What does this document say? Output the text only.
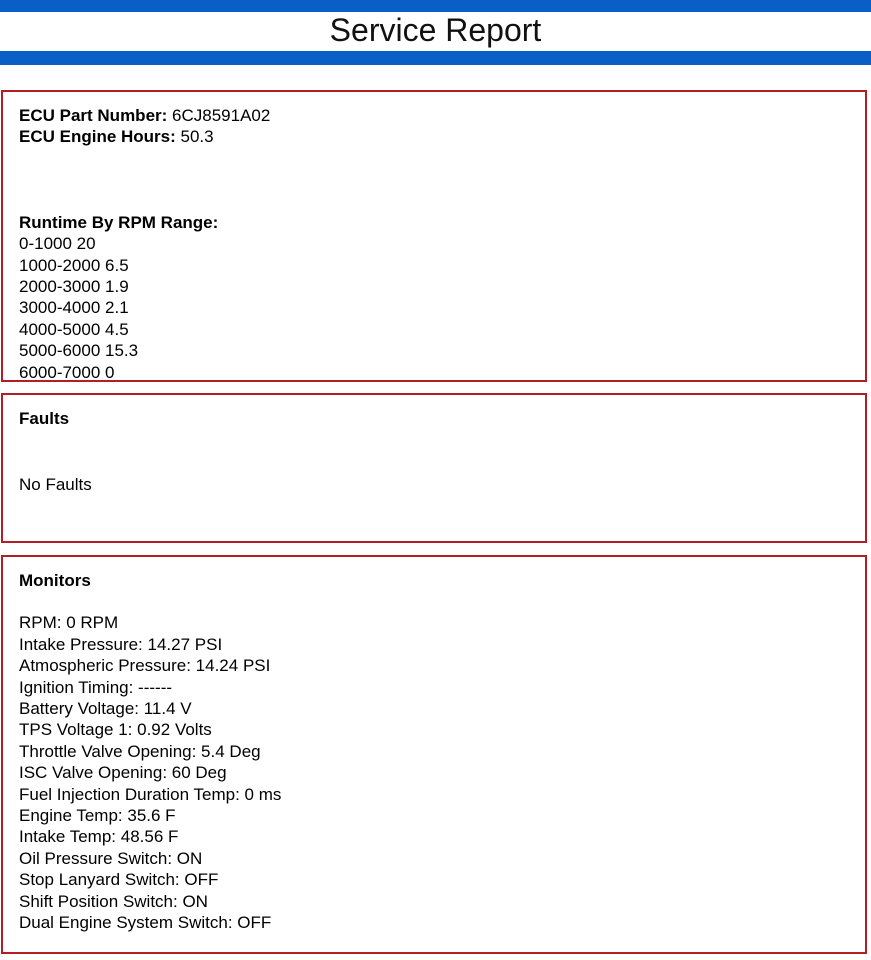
Service Report
ECU Part Number: 6CJ8591A02
ECU Engine Hours: 50.3
Runtime By RPM Range:
0-1000 20
1000-2000 6.5
2000-3000 1.9
3000-4000 2.1
4000-5000 4.5
5000-6000 15.3
6000-7000 0
Faults
No Faults
Monitors
RPM: 0 RPM
Intake Pressure: 14.27 PSI
Atmospheric Pressure: 14.24 PSI
Ignition Timing: ------
Battery Voltage: 11.4 V
TPS Voltage 1: 0.92 Volts
Throttle Valve Opening: 5.4 Deg
ISC Valve Opening: 60 Deg
Fuel Injection Duration Temp: 0 ms
Engine Temp: 35.6 F
Intake Temp: 48.56 F
Oil Pressure Switch: ON
Stop Lanyard Switch: OFF
Shift Position Switch: ON
Dual Engine System Switch: OFF
